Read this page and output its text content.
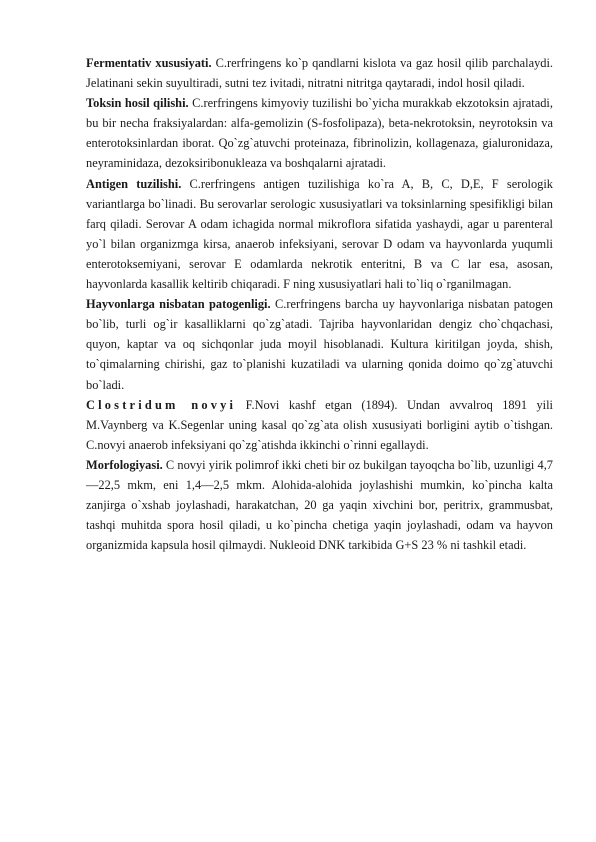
Fermentativ xususiyati. C.rerfringens ko`p qandlarni kislota va gaz hosil qilib parchalaydi. Jelatinani sekin suyultiradi, sutni tez ivitadi, nitratni nitritga qaytaradi, indol hosil qiladi.

Toksin hosil qilishi. C.rerfringens kimyoviy tuzilishi bo`yicha murakkab ekzotoksin ajratadi, bu bir necha fraksiyalardan: alfa-gemolizin (S-fosfolipaza), beta-nekrotoksin, neyrotoksin va enterotoksinlardan iborat. Qo`zg`atuvchi proteinaza, fibrinolizin, kollagenaza, gialuronidaza, neyraminidaza, dezoksiribonukleaza va boshqalarni ajratadi.

Antigen tuzilishi. C.rerfringens antigen tuzilishiga ko`ra A, B, C, D,E, F serologik variantlarga bo`linadi. Bu serovarlar serologic xususiyatlari va toksinlarning spesifikligi bilan farq qiladi. Serovar A odam ichagida normal mikroflora sifatida yashaydi, agar u parenteral yo`l bilan organizmga kirsa, anaerob infeksiyani, serovar D odam va hayvonlarda yuqumli enterotoksemiyani, serovar E odamlarda nekrotik enteritni, B va C lar esa, asosan, hayvonlarda kasallik keltirib chiqaradi. F ning xususiyatlari hali to`liq o`rganilmagan.

Hayvonlarga nisbatan patogenligi. C.rerfringens barcha uy hayvonlariga nisbatan patogen bo`lib, turli og`ir kasalliklarni qo`zg`atadi. Tajriba hayvonlaridan dengiz cho`chqachasi, quyon, kaptar va oq sichqonlar juda moyil hisoblanadi. Kultura kiritilgan joyda, shish, to`qimalarning chirishi, gaz to`planishi kuzatiladi va ularning qonida doimo qo`zg`atuvchi bo`ladi.

Clostridum novyi F.Novi kashf etgan (1894). Undan avvalroq 1891 yili M.Vaynberg va K.Segenlar uning kasal qo`zg`ata olish xususiyati borligini aytib o`tishgan. C.novyi anaerob infeksiyani qo`zg`atishda ikkinchi o`rinni egallaydi.

Morfologiyasi. C novyi yirik polimrof ikki cheti bir oz bukilgan tayoqcha bo`lib, uzunligi 4,7—22,5 mkm, eni 1,4—2,5 mkm. Alohida-alohida joylashishi mumkin, ko`pincha kalta zanjirga o`xshab joylashadi, harakatchan, 20 ga yaqin xivchini bor, peritrix, grammusbat, tashqi muhitda spora hosil qiladi, u ko`pincha chetiga yaqin joylashadi, odam va hayvon organizmida kapsula hosil qilmaydi. Nukleoid DNK tarkibida G+S 23 % ni tashkil etadi.
